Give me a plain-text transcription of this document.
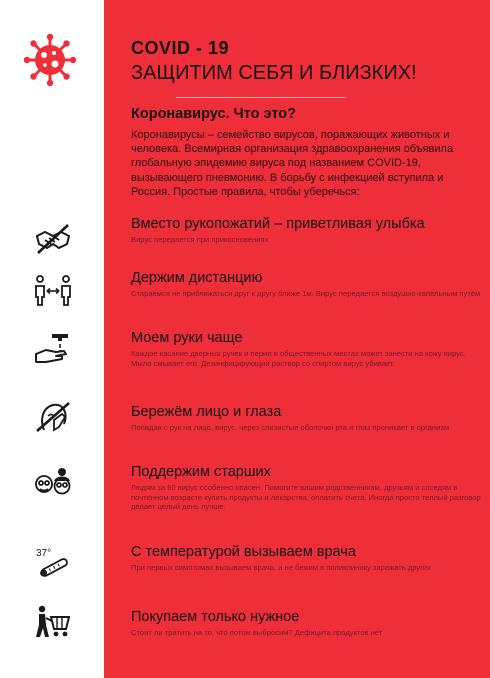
COVID - 19
ЗАЩИТИМ СЕБЯ И БЛИЗКИХ!
Коронавирус. Что это?
Коронавирусы – семейство вирусов, поражающих животных и человека. Всемирная организация здравоохранения объявила глобальную эпидемию вируса под названием COVID-19, вызывающего пневмонию. В борьбу с инфекцией вступила и Россия. Простые правила, чтобы уберечься:
Вместо рукопожатий – приветливая улыбка
Вирус передается при прикосновениях
Держим дистанцию
Стараемся не приближаться друг к другу ближе 1м. Вирус передается воздушно-капельным путём
Моем руки чаще
Каждое касание дверных ручек и перил в общественных местах может занести на кожу вирус. Мыло смывает его. Дезинфицирующий раствор со спиртом вирус убивает.
Бережём лицо и глаза
Попадая с рук на лицо, вирус, через слизистые оболочки рта и глаз проникает в организм
Поддержим старших
Людям за 60 вирус особенно опасен. Помогите вашим родственникам, друзьям и соседям в почтенном возрасте купить продукты и лекарства, оплатить счета. Иногда просто теплый разговор делает целый день лучше.
37°	С температурой вызываем врача
При первых симптомах вызываем врача, а не бежим в поликлинику заражать других
Покупаем только нужное
Стоит ли тратить на то, что потом выбросим? Дефицита продуктов нет
